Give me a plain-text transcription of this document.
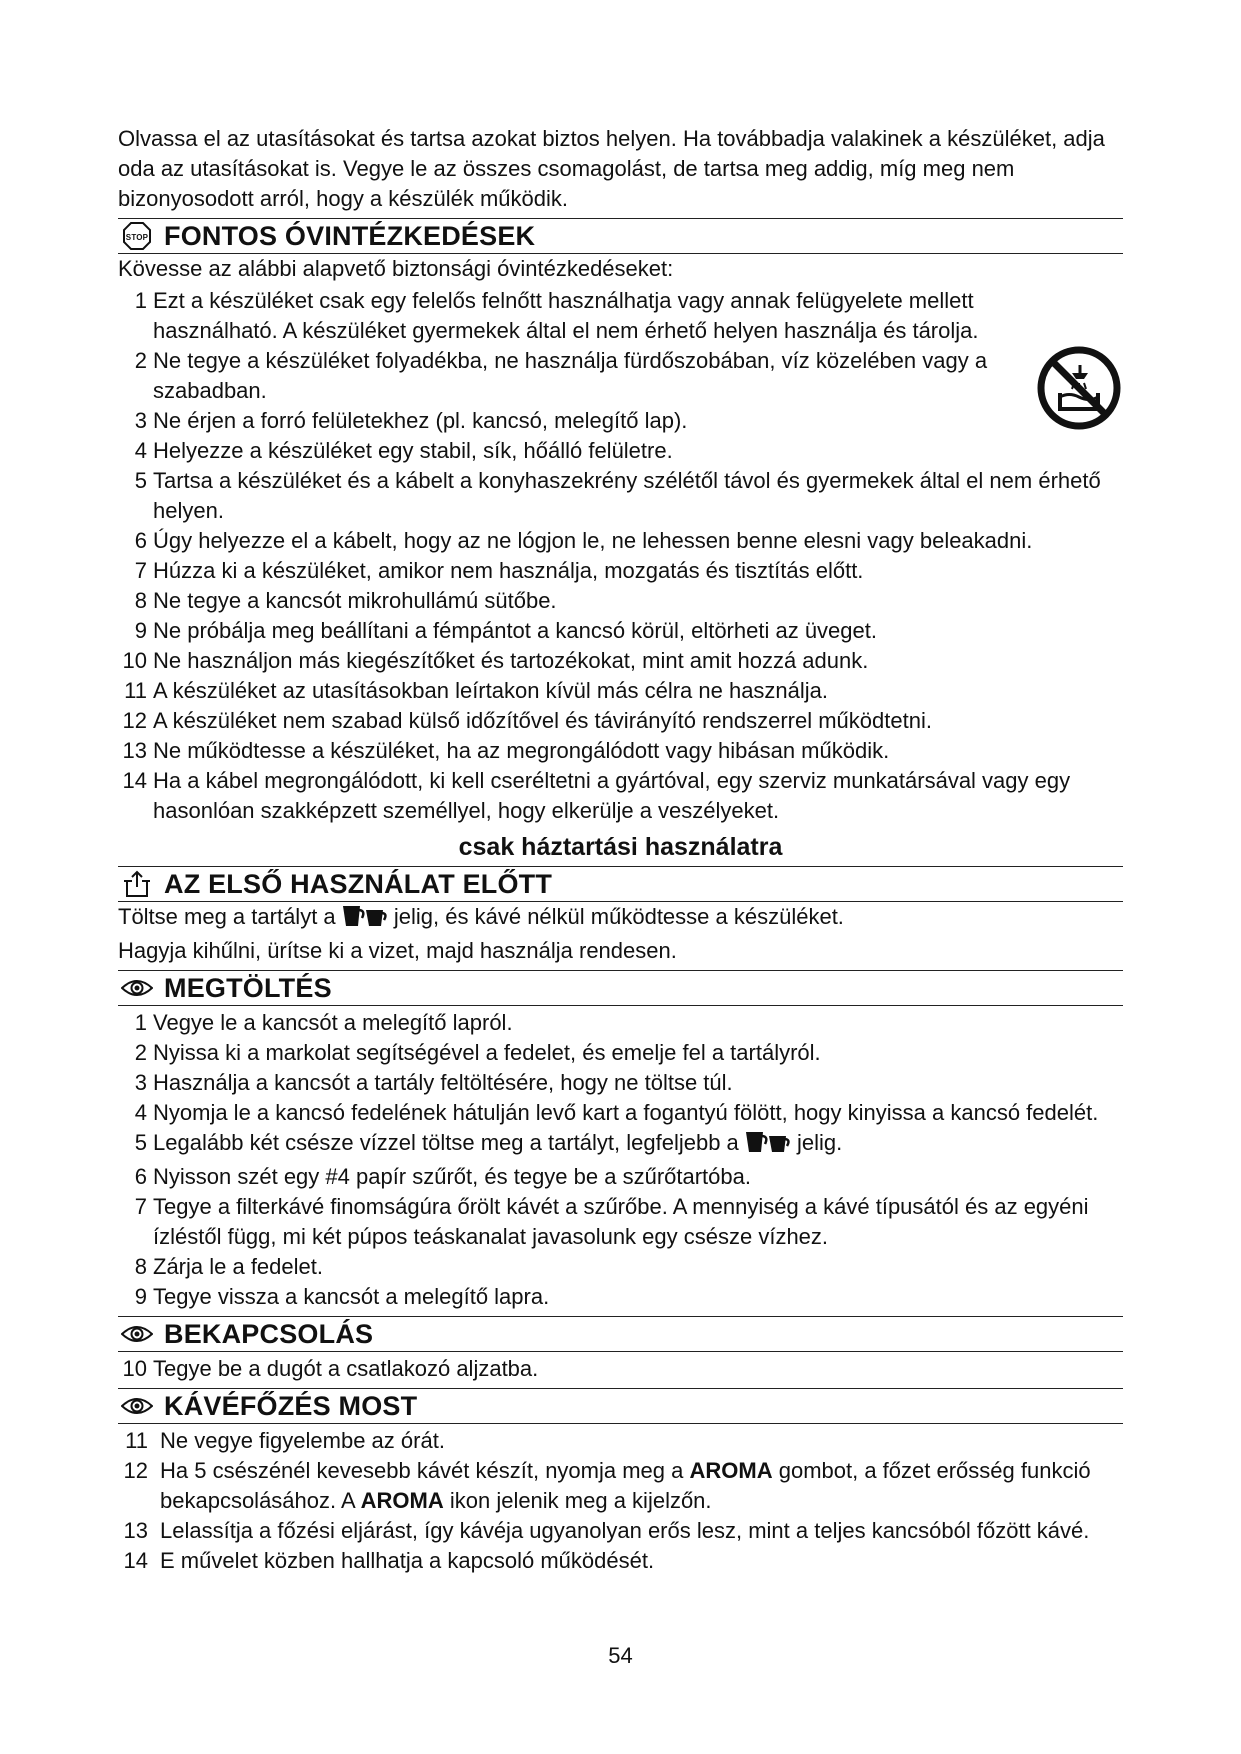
Olvassa el az utasításokat és tartsa azokat biztos helyen. Ha továbbadja valakinek a készüléket, adja oda az utasításokat is. Vegye le az összes csomagolást, de tartsa meg addig, míg meg nem bizonyosodott arról, hogy a készülék működik.

STOP FONTOS ÓVINTÉZKEDÉSEK

Kövesse az alábbi alapvető biztonsági óvintézkedéseket:

1 Ezt a készüléket csak egy felelős felnőtt használhatja vagy annak felügyelete mellett használható. A készüléket gyermekek által el nem érhető helyen használja és tárolja.
2 Ne tegye a készüléket folyadékba, ne használja fürdőszobában, víz közelében vagy a szabadban.
3 Ne érjen a forró felületekhez (pl. kancsó, melegítő lap).
4 Helyezze a készüléket egy stabil, sík, hőálló felületre.
5 Tartsa a készüléket és a kábelt a konyhaszekrény szélétől távol és gyermekek által el nem érhető helyen.
6 Úgy helyezze el a kábelt, hogy az ne lógjon le, ne lehessen benne elesni vagy beleakadni.
7 Húzza ki a készüléket, amikor nem használja, mozgatás és tisztítás előtt.
8 Ne tegye a kancsót mikrohullámú sütőbe.
9 Ne próbálja meg beállítani a fémpántot a kancsó körül, eltörheti az üveget.
10 Ne használjon más kiegészítőket és tartozékokat, mint amit hozzá adunk.
11 A készüléket az utasításokban leírtakon kívül más célra ne használja.
12 A készüléket nem szabad külső időzítővel és távirányító rendszerrel működtetni.
13 Ne működtesse a készüléket, ha az megrongálódott vagy hibásan működik.
14 Ha a kábel megrongálódott, ki kell cseréltetni a gyártóval, egy szerviz munkatársával vagy egy hasonlóan szakképzett személlyel, hogy elkerülje a veszélyeket.
csak háztartási használatra
AZ ELSŐ HASZNÁLAT ELŐTT

Töltse meg a tartályt a	jelig, és kávé nélkül működtesse a készüléket.

Hagyja kihűlni, ürítse ki a vizet, majd használja rendesen.

MEGTÖLTÉS
1 Vegye le a kancsót a melegítő lapról.
2 Nyissa ki a markolat segítségével a fedelet, és emelje fel a tartályról.
3 Használja a kancsót a tartály feltöltésére, hogy ne töltse túl.
4 Nyomja le a kancsó fedelének hátulján levő kart a fogantyú fölött, hogy kinyissa a kancsó fedelét.
5 Legalább két csésze vízzel töltse meg a tartályt, legfeljebb a	jelig.
6 Nyisson szét egy #4 papír szűrőt, és tegye be a szűrőtartóba.
7 Tegye a filterkávé finomságúra őrölt kávét a szűrőbe. A mennyiség a kávé típusától és az egyéni ízléstől függ, mi két púpos teáskanalat javasolunk egy csésze vízhez.
8 Zárja le a fedelet.
9 Tegye vissza a kancsót a melegítő lapra.
BEKAPCSOLÁS
10 Tegye be a dugót a csatlakozó aljzatba.
KÁVÉFŐZÉS MOST
11 Ne vegye figyelembe az órát.
12 Ha 5 csészénél kevesebb kávét készít, nyomja meg a AROMA gombot, a főzet erősség funkció bekapcsolásához. A AROMA ikon jelenik meg a kijelzőn.
13 Lelassítja a főzési eljárást, így kávéja ugyanolyan erős lesz, mint a teljes kancsóból főzött kávé.
14 E művelet közben hallhatja a kapcsoló működését.
54
